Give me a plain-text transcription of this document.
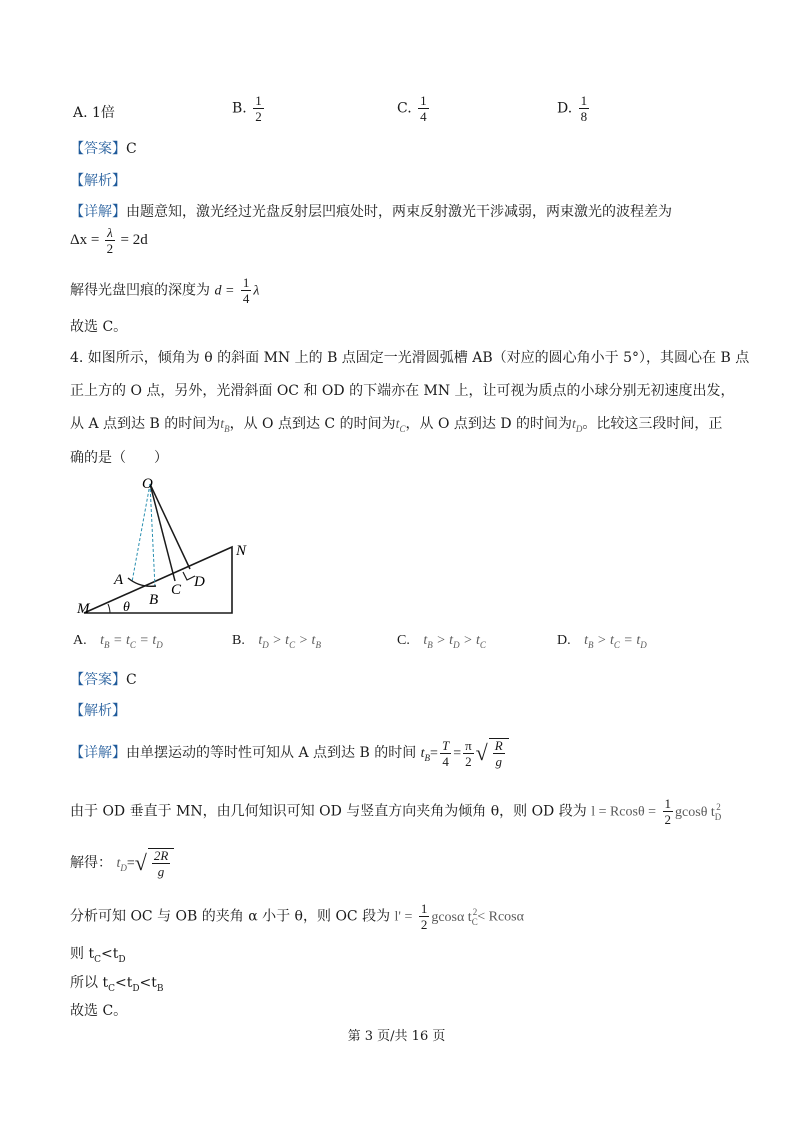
A. 1倍	B. $\frac{1}{2}$	C. $\frac{1}{4}$	D. $\frac{1}{8}$
【答案】C
【解析】
【详解】由题意知，激光经过光盘反射层凹痕处时，两束反射激光干涉减弱，两束激光的波程差为
$\Delta x = \frac{\lambda}{2} = 2d$
解得光盘凹痕的深度为 $d = \frac{1}{4}$ λ
故选 C。
4. 如图所示，倾角为 θ 的斜面 MN 上的 B 点固定一光滑圆弧槽 AB（对应的圆心角小于 5°），其圆心在 B 点
正上方的 O 点，另外，光滑斜面 OC 和 OD 的下端亦在 MN 上，让可视为质点的小球分别无初速度出发，
从 A 点到达 B 的时间为$t_B$，从 O 点到达 C 的时间为$t_C$，从 O 点到达 D 的时间为$t_D$。比较这三段时间，正
确的是（　　）
O
N
A
B
C D
M θ
A. $t_B = t_C = t_D$	B. $t_D > t_C > t_B$	C. $t_B > t_D > t_C$	D. $t_B > t_C = t_D$
【答案】C
【解析】
【详解】由单摆运动的等时性可知从 A 点到达 B 的时间 $t_B= \frac{T}{4} = \frac{\pi}{2}$ √ $\frac{R}{g}$
由于 OD 垂直于 MN，由几何知识可知 OD 与竖直方向夹角为倾角 θ，则 OD 段为 $l = Rcos\theta = \frac{1}{2}$ gcosθ $t_D^2$
解得： $t_D=√ \frac{2R}{g}$
分析可知 OC 与 OB 的夹角 α 小于 θ，则 OC 段为 $l' = \frac{1}{2}$ gcosα $t_C^2< Rcos\alpha$
则 $t_C<t_D$
所以 $t_C<t_D<t_B$
故选 C。
第 3 页/共 16 页
